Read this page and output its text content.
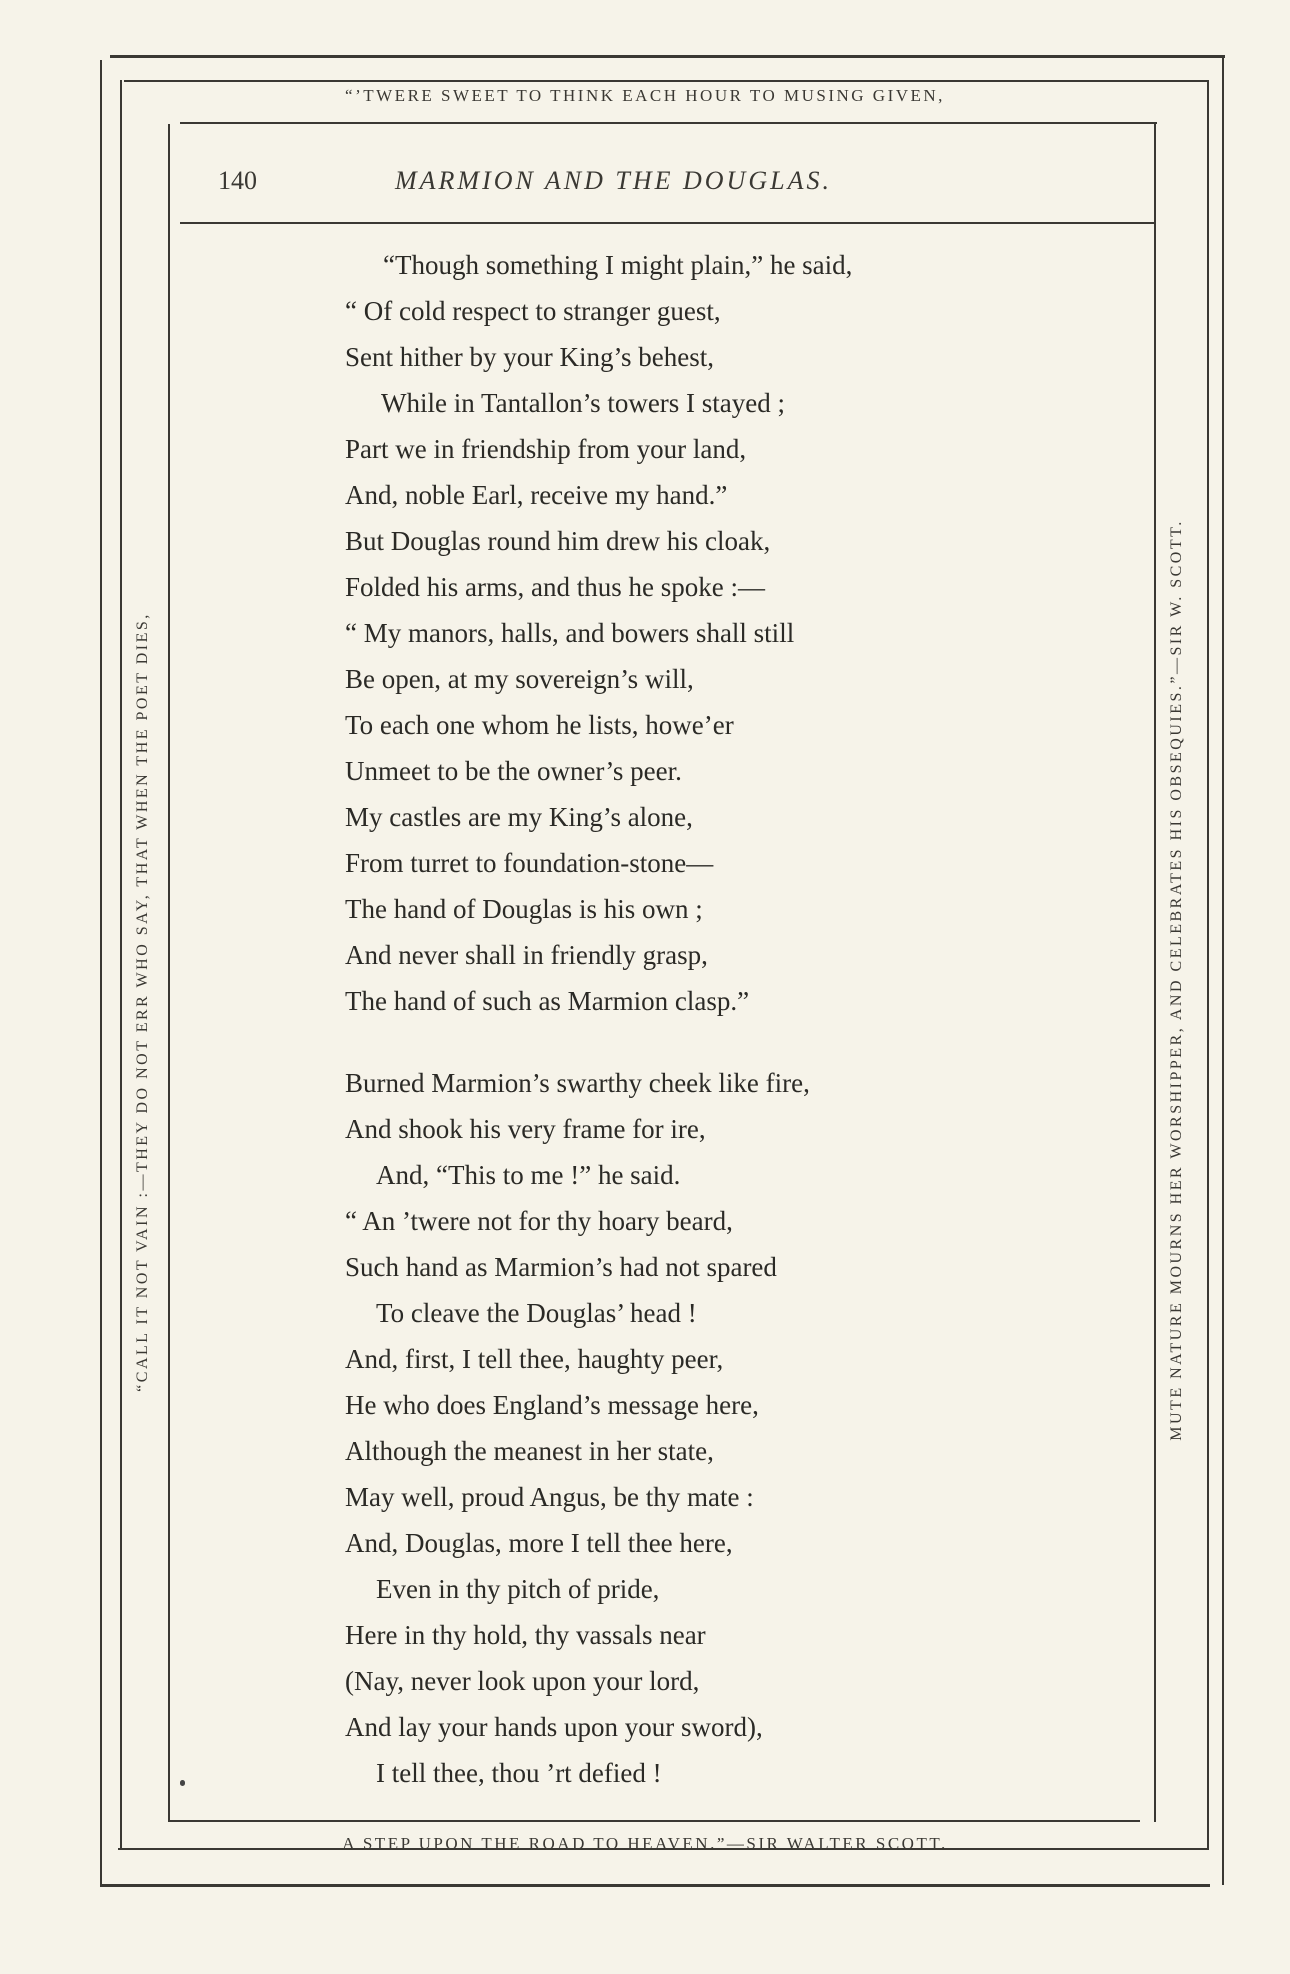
“’TWERE SWEET TO THINK EACH HOUR TO MUSING GIVEN,
A STEP UPON THE ROAD TO HEAVEN.”—SIR WALTER SCOTT.
“CALL IT NOT VAIN :—THEY DO NOT ERR WHO SAY, THAT WHEN THE POET DIES,	MUTE NATURE MOURNS HER WORSHIPPER, AND CELEBRATES HIS OBSEQUIES.”—SIR W. SCOTT.
140	MARMION AND THE DOUGLAS.
“Though something I might plain,” he said,
“ Of cold respect to stranger guest,
Sent hither by your King’s behest,
While in Tantallon’s towers I stayed ;
Part we in friendship from your land,
And, noble Earl, receive my hand.”
But Douglas round him drew his cloak,
Folded his arms, and thus he spoke :—
“ My manors, halls, and bowers shall still
Be open, at my sovereign’s will,
To each one whom he lists, howe’er
Unmeet to be the owner’s peer.
My castles are my King’s alone,
From turret to foundation-stone—
The hand of Douglas is his own ;
And never shall in friendly grasp,
The hand of such as Marmion clasp.”
Burned Marmion’s swarthy cheek like fire,
And shook his very frame for ire,
And, “This to me !” he said.
“ An ’twere not for thy hoary beard,
Such hand as Marmion’s had not spared
To cleave the Douglas’ head !
And, first, I tell thee, haughty peer,
He who does England’s message here,
Although the meanest in her state,
May well, proud Angus, be thy mate :
And, Douglas, more I tell thee here,
Even in thy pitch of pride,
Here in thy hold, thy vassals near
(Nay, never look upon your lord,
And lay your hands upon your sword),
I tell thee, thou ’rt defied !
